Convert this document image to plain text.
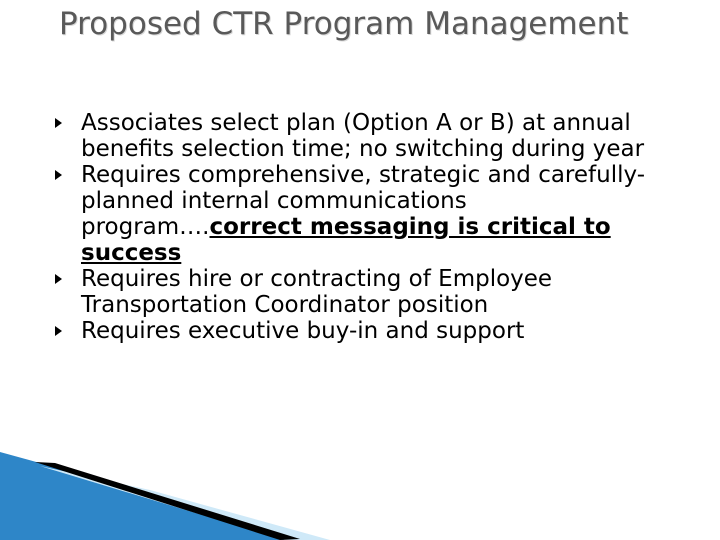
Proposed CTR Program Management
Associates select plan (Option A or B) at annual benefits selection time; no switching during year
Requires comprehensive, strategic and carefully-planned internal communications program….correct messaging is critical to success
Requires hire or contracting of Employee Transportation Coordinator position
Requires executive buy-in and support
